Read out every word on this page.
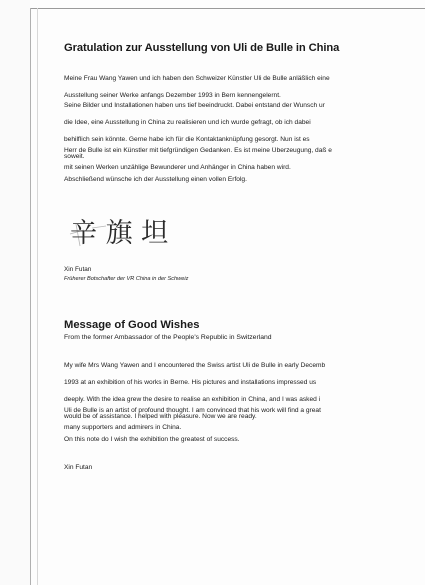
Gratulation zur Ausstellung von Uli de Bulle in China

Meine Frau Wang Yawen und ich haben den Schweizer Künstler Uli de Bulle anläßlich eine

Ausstellung seiner Werke anfangs Dezember 1993 in Bern kennengelernt.

Seine Bilder und Installationen haben uns tief beeindruckt. Dabei entstand der Wunsch ur

die Idee, eine Ausstellung in China zu realisieren und ich wurde gefragt, ob ich dabei

behilflich sein könnte. Gerne habe ich für die Kontaktanknüpfung gesorgt. Nun ist es

soweit.

Herr de Bulle ist ein Künstler mit tiefgründigen Gedanken. Es ist meine Überzeugung, daß e

mit seinen Werken unzählige Bewunderer und Anhänger in China haben wird.

Abschließend wünsche ich der Ausstellung einen vollen Erfolg.

辛 旗 坦
Xin Futan
Früherer Botschafter der VR China in der Schweiz
Message of Good Wishes
From the former Ambassador of the People's Republic in Switzerland

My wife Mrs Wang Yawen and I encountered the Swiss artist Uli de Bulle in early Decemb

1993 at an exhibition of his works in Berne. His pictures and installations impressed us

deeply. With the idea grew the desire to realise an exhibition in China, and I was asked i

would be of assistance. I helped with pleasure. Now we are ready.

Uli de Bulle is an artist of profound thought. I am convinced that his work will find a great

many supporters and admirers in China.

On this note do I wish the exhibition the greatest of success.

Xin Futan
